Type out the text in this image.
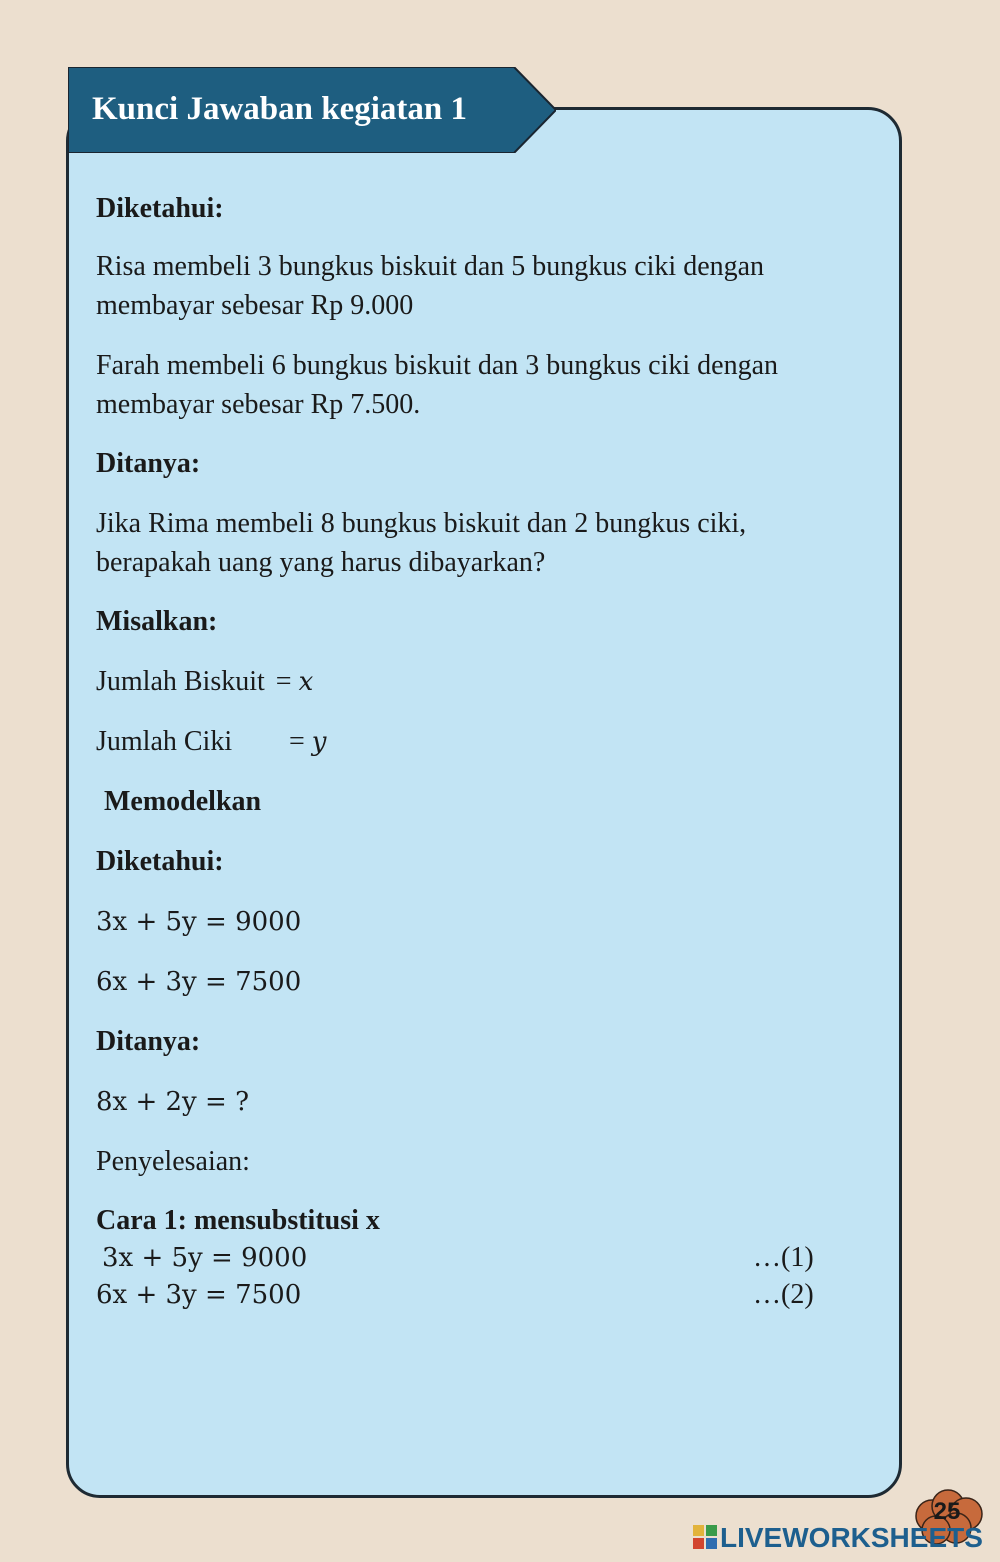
Kunci Jawaban kegiatan 1
Diketahui:
Risa membeli 3 bungkus biskuit dan 5 bungkus ciki dengan
membayar sebesar Rp 9.000
Farah membeli 6 bungkus biskuit dan 3 bungkus ciki dengan
membayar sebesar Rp 7.500.
Ditanya:
Jika Rima membeli 8 bungkus biskuit dan 2 bungkus ciki,
berapakah uang yang harus dibayarkan?
Misalkan:
Jumlah Biskuit = x
Jumlah Ciki = y
Memodelkan
Diketahui:
3x + 5y = 9000
6x + 3y = 7500
Ditanya:
8x + 2y = ?
Penyelesaian:
Cara 1: mensubstitusi x
3x + 5y = 9000	…(1)
6x + 3y = 7500	…(2)
25
LIVEWORKSHEETS
